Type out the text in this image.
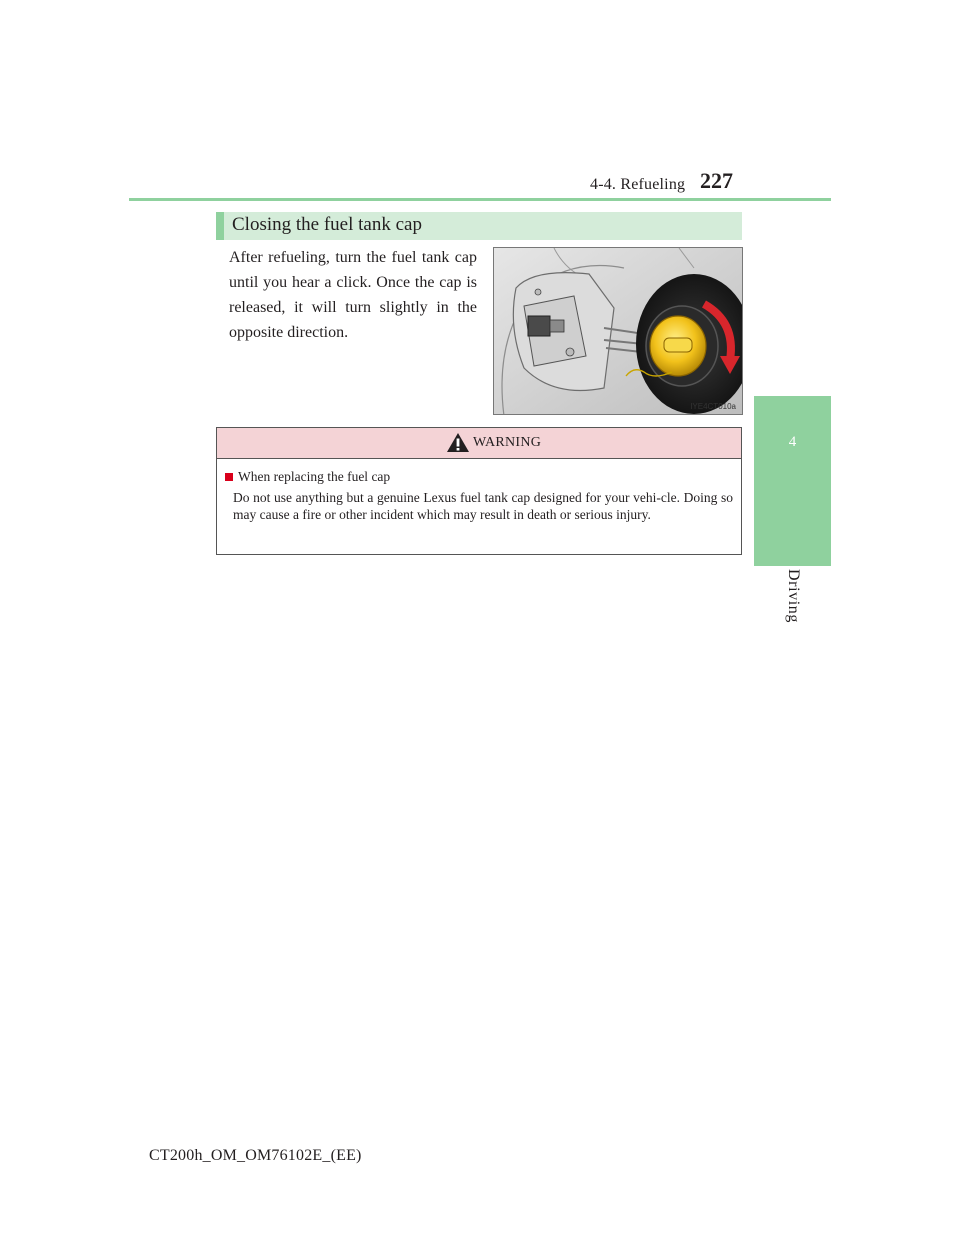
4-4. Refueling 227
4
Driving
Closing the fuel tank cap
After refueling, turn the fuel tank cap until you hear a click. Once the cap is released, it will turn slightly in the opposite direction.
IYE4CT010a
WARNING
When replacing the fuel cap
Do not use anything but a genuine Lexus fuel tank cap designed for your vehi-cle. Doing so may cause a fire or other incident which may result in death or serious injury.
CT200h_OM_OM76102E_(EE)
